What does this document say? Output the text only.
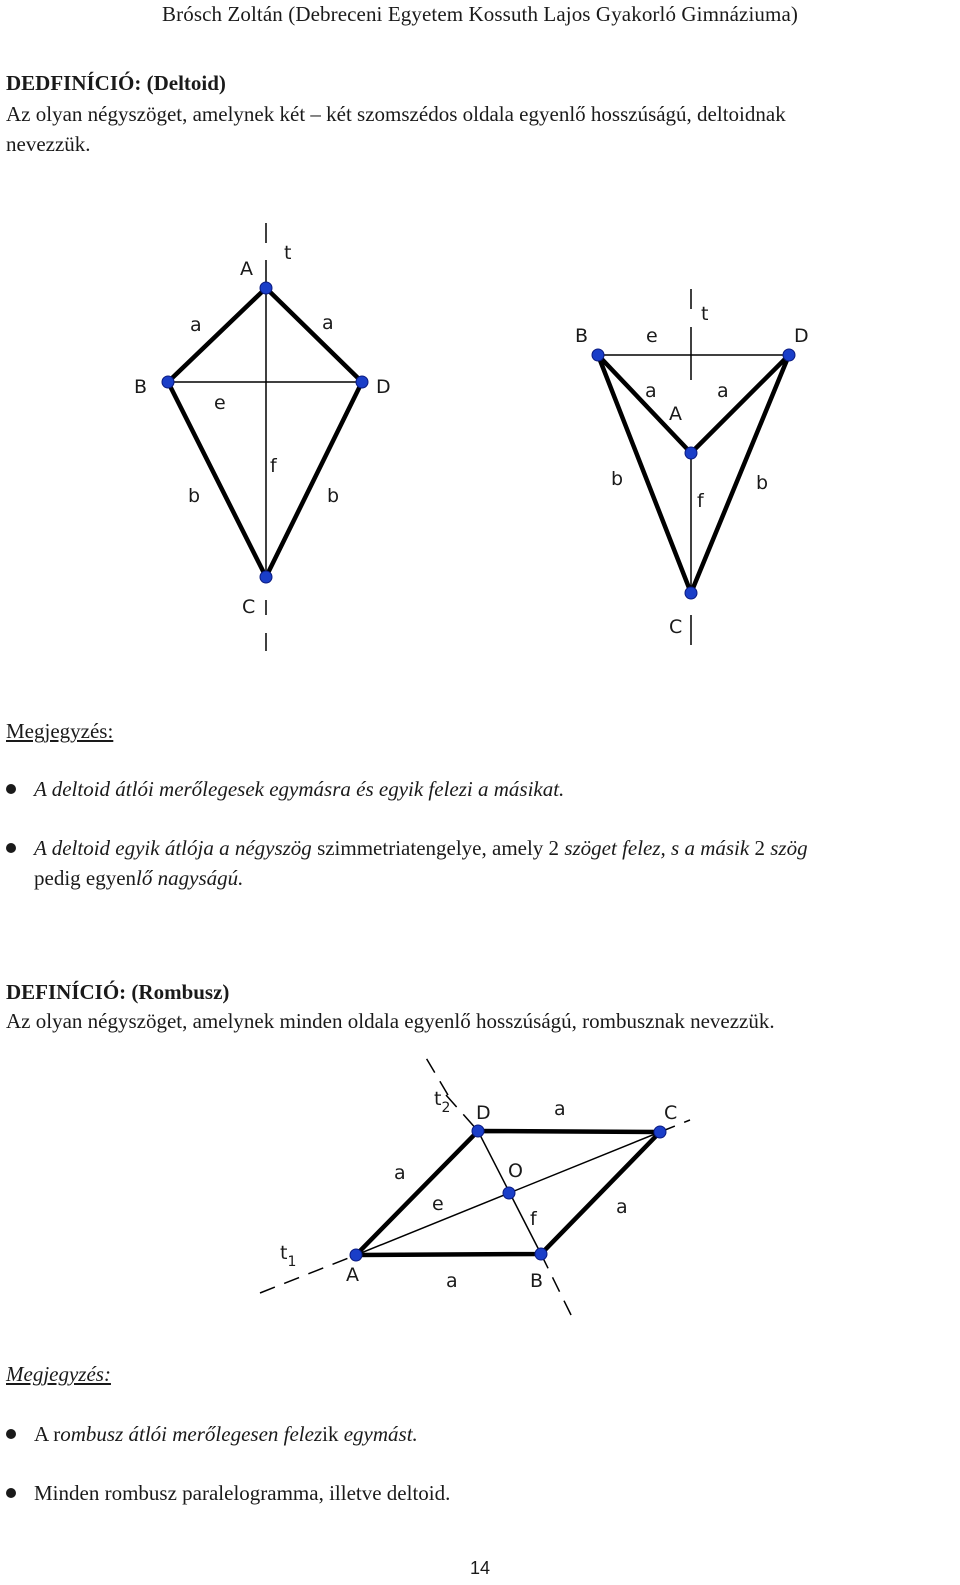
Brósch Zoltán (Debreceni Egyetem Kossuth Lajos Gyakorló Gimnáziuma)
DEDFINÍCIÓ: (Deltoid)
Az olyan négyszöget, amelynek két – két szomszédos oldala egyenlő hosszúságú, deltoidnak
nevezzük.
A
t
B	D
C
a	a
e
f
b	b
B	D
t
e
a	a
A
b	b
f
C
Megjegyzés:
A deltoid átlói merőlegesek egymásra és egyik felezi a másikat.
A deltoid egyik átlója a négyszög szimmetriatengelye, amely 2 szöget felez, s a másik 2 szög
pedig egyenlő nagyságú.
DEFINÍCIÓ: (Rombusz)
Az olyan négyszöget, amelynek minden oldala egyenlő hosszúságú, rombusznak nevezzük.
$t_2$ D	a	C
a	O
e
f
a
$t_1$
A	a	B
Megjegyzés:
A rombusz átlói merőlegesen felezik egymást.
Minden rombusz paralelogramma, illetve deltoid.
14
